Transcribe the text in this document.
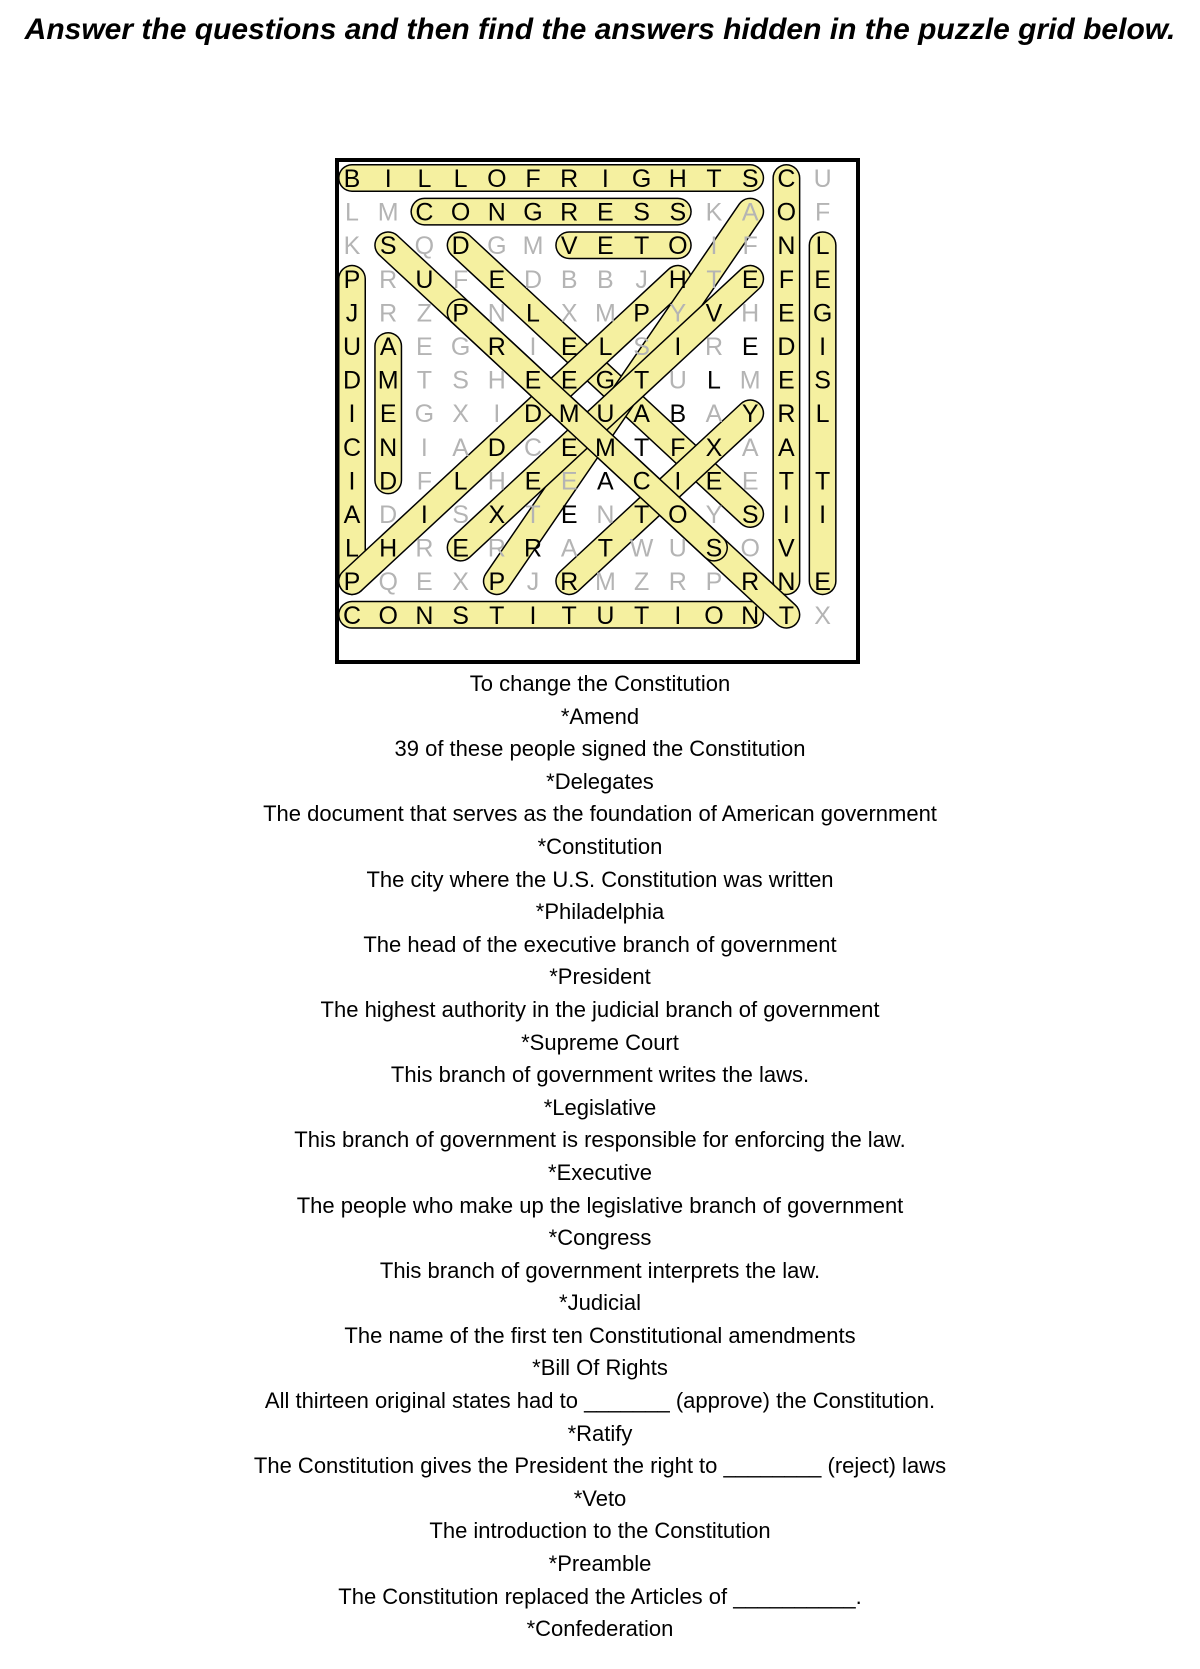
Answer the questions and then find the answers hidden in the puzzle grid below.
B I L L O F R I G H T S C U
L M C O N G R E S S K A O F
K S Q D G M V E T O I F N L
P R U F E D B B J H T E F E
J R Z P N L X M P Y V H E G
U A E G R I E L S I R E D I
D M T S H E E G T U L M E S
I E G X I D M U A B A Y R L
C N I A D C E M T F X A A
I D F L H E E A C I E E T T
A D I S X T E N T O Y S I I
L H R E R R A T W U S O V
P Q E X P J R M Z R P R N E
C O N S T I T U T I O N T X
To change the Constitution
*Amend
39 of these people signed the Constitution
*Delegates
The document that serves as the foundation of American government
*Constitution
The city where the U.S. Constitution was written
*Philadelphia
The head of the executive branch of government
*President
The highest authority in the judicial branch of government
*Supreme Court
This branch of government writes the laws.
*Legislative
This branch of government is responsible for enforcing the law.
*Executive
The people who make up the legislative branch of government
*Congress
This branch of government interprets the law.
*Judicial
The name of the first ten Constitutional amendments
*Bill Of Rights
All thirteen original states had to _______ (approve) the Constitution.
*Ratify
The Constitution gives the President the right to ________ (reject) laws
*Veto
The introduction to the Constitution
*Preamble
The Constitution replaced the Articles of __________.
*Confederation
